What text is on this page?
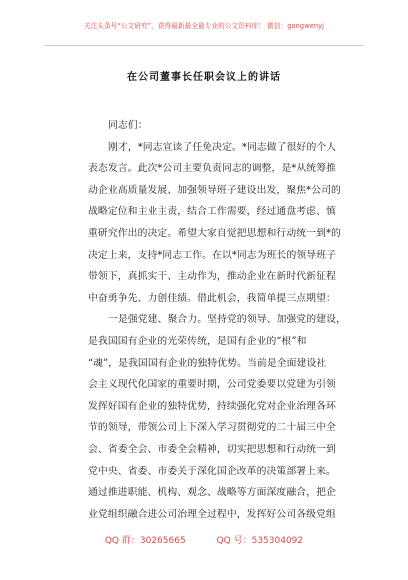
关注头条号“公文研究”，获得最新最全最专业的公文资料库！ 微信：gongwenyj
在公司董事长任职会议上的讲话
同志们：
刚才，*同志宣读了任免决定。*同志做了很好的个人
表态发言。此次*公司主要负责同志的调整，是*从统筹推
动企业高质量发展、加强领导班子建设出发，聚焦*公司的
战略定位和主业主责，结合工作需要，经过通盘考虑、慎
重研究作出的决定。希望大家自觉把思想和行动统一到*的
决定上来，支持*同志工作。在以*同志为班长的领导班子
带领下，真抓实干、主动作为，推动企业在新时代新征程
中奋勇争先、力创佳绩。借此机会，我简单提三点期望：
一是强党建、聚合力。坚持党的领导、加强党的建设，
是我国国有企业的光荣传统，是国有企业的“根”和
“魂”，是我国国有企业的独特优势。当前是全面建设社
会主义现代化国家的重要时期，公司党委要以党建为引领
发挥好国有企业的独特优势，持续强化党对企业治理各环
节的领导，带领公司上下深入学习贯彻党的二十届三中全
会、省委全会、市委全会精神，切实把思想和行动统一到
党中央、省委、市委关于深化国企改革的决策部署上来。
通过推进职能、机构、观念、战略等方面深度融合，把企
业党组织融合进公司治理全过程中，发挥好公司各级党组
QQ 群：30265665	QQ 号：535304092
